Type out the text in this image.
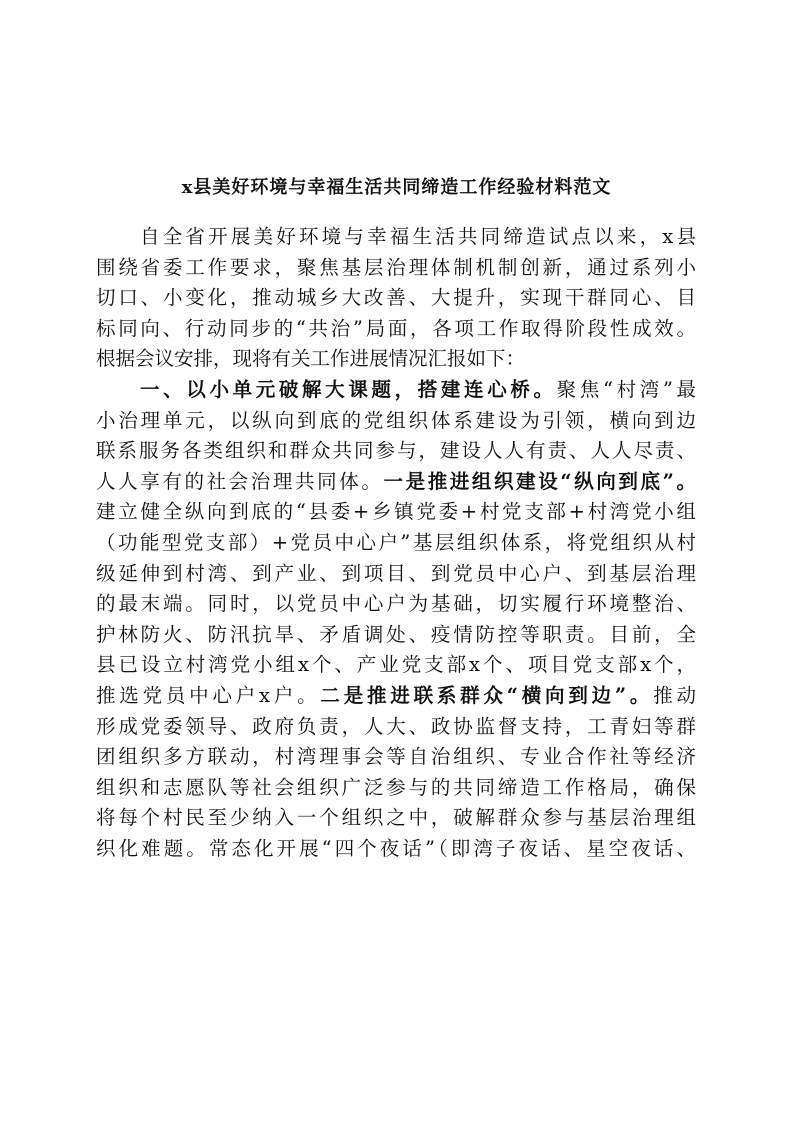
x县美好环境与幸福生活共同缔造工作经验材料范文
自全省开展美好环境与幸福生活共同缔造试点以来，x县
围绕省委工作要求，聚焦基层治理体制机制创新，通过系列小
切口、小变化，推动城乡大改善、大提升，实现干群同心、目
标同向、行动同步的“共治”局面，各项工作取得阶段性成效。
根据会议安排，现将有关工作进展情况汇报如下：
一、以小单元破解大课题，搭建连心桥。聚焦“村湾”最
小治理单元，以纵向到底的党组织体系建设为引领，横向到边
联系服务各类组织和群众共同参与，建设人人有责、人人尽责、
人人享有的社会治理共同体。一是推进组织建设“纵向到底”。
建立健全纵向到底的“县委+乡镇党委+村党支部+村湾党小组
（功能型党支部）+党员中心户”基层组织体系，将党组织从村
级延伸到村湾、到产业、到项目、到党员中心户、到基层治理
的最末端。同时，以党员中心户为基础，切实履行环境整治、
护林防火、防汛抗旱、矛盾调处、疫情防控等职责。目前，全
县已设立村湾党小组x个、产业党支部x个、项目党支部x个，
推选党员中心户x户。二是推进联系群众“横向到边”。推动
形成党委领导、政府负责，人大、政协监督支持，工青妇等群
团组织多方联动，村湾理事会等自治组织、专业合作社等经济
组织和志愿队等社会组织广泛参与的共同缔造工作格局，确保
将每个村民至少纳入一个组织之中，破解群众参与基层治理组
织化难题。常态化开展“四个夜话”（即湾子夜话、星空夜话、
